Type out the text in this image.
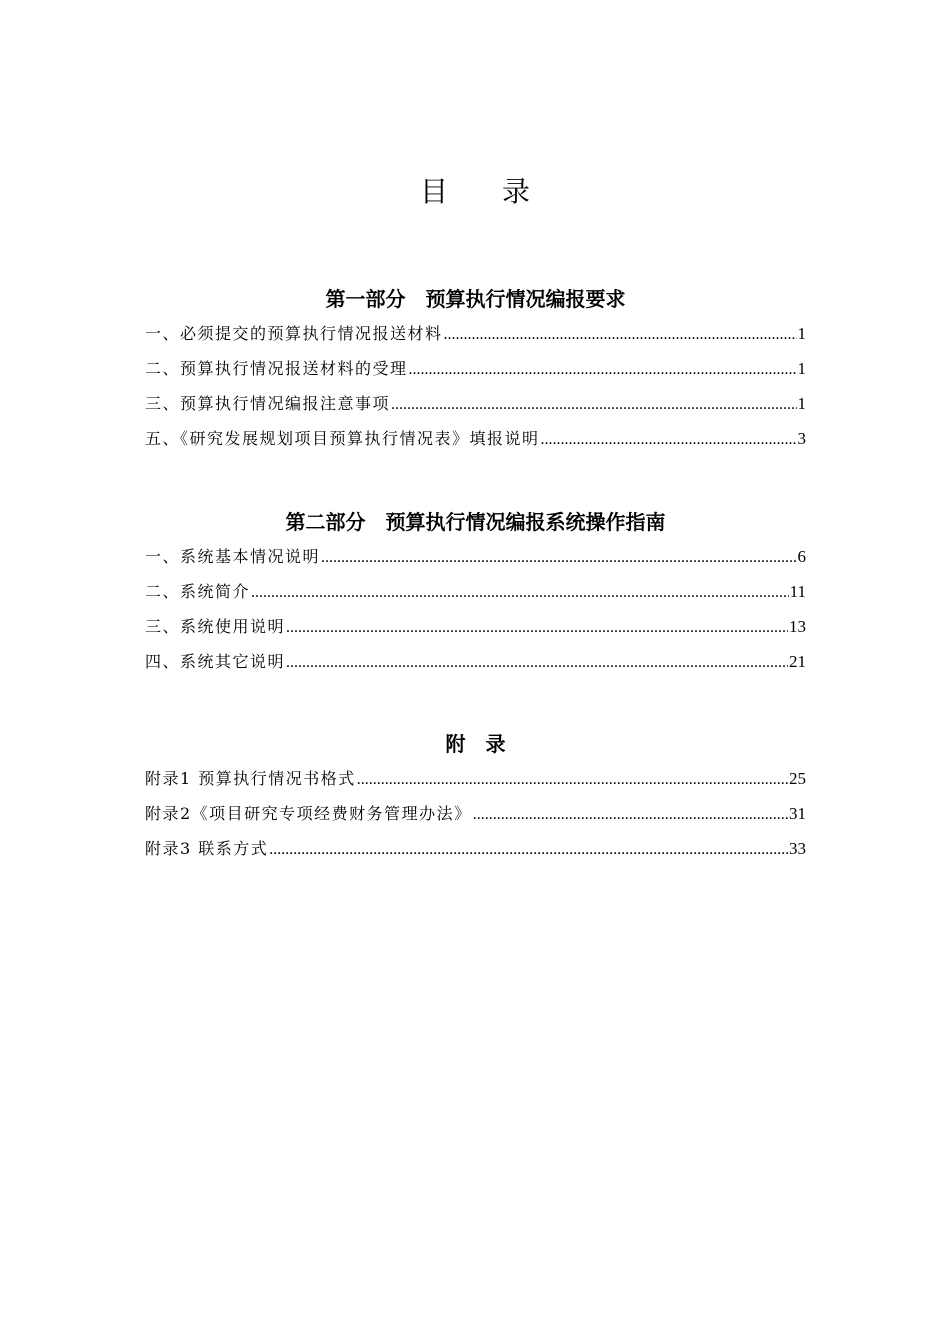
目录
第一部分　预算执行情况编报要求
一、必须提交的预算执行情况报送材料 .....	1
二、预算执行情况报送材料的受理 .....	1
三、预算执行情况编报注意事项 .....	1
五、《研究发展规划项目预算执行情况表》填报说明 .....	3
第二部分　预算执行情况编报系统操作指南
一、系统基本情况说明 .....	6
二、系统简介 .....	11
三、系统使用说明 .....	13
四、系统其它说明 .....	21
附录
附录1 预算执行情况书格式 .....	25
附录2《项目研究专项经费财务管理办法》 .....	31
附录3 联系方式 .....	33
